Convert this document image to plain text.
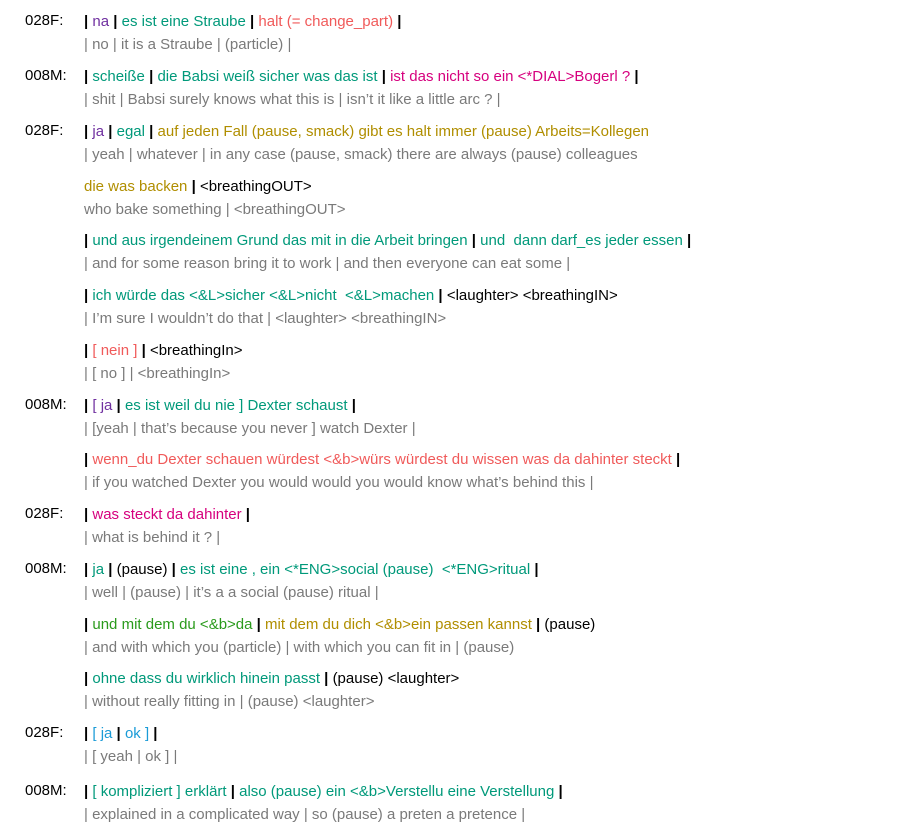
028F: | na | es ist eine Straube | halt (= change_part) |
| no | it is a Straube | (particle) |
008M: | scheiße | die Babsi weiß sicher was das ist | ist das nicht so ein <*DIAL>Bogerl ? |
| shit | Babsi surely knows what this is | isn’t it like a little arc ? |
028F: | ja | egal | auf jeden Fall (pause, smack) gibt es halt immer (pause) Arbeits=Kollegen
| yeah | whatever | in any case (pause, smack) there are always (pause) colleagues
die was backen | <breathingOUT>
who bake something | <breathingOUT>
| und aus irgendeinem Grund das mit in die Arbeit bringen | und  dann darf_es jeder essen |
| and for some reason bring it to work | and then everyone can eat some |
| ich würde das <&L>sicher <&L>nicht  <&L>machen | <laughter> <breathingIN>
| I’m sure I wouldn’t do that | <laughter> <breathingIN>
| [ nein ] | <breathingIn>
| [ no ] | <breathingIn>
008M: | [ ja | es ist weil du nie ] Dexter schaust |
| [yeah | that’s because you never ] watch Dexter |
| wenn_du Dexter schauen würdest <&b>würs würdest du wissen was da dahinter steckt |
| if you watched Dexter you would would you would know what’s behind this |
028F: | was steckt da dahinter |
| what is behind it ? |
008M: | ja | (pause) | es ist eine , ein <*ENG>social (pause)  <*ENG>ritual |
| well | (pause) | it’s a a social (pause) ritual |
| und mit dem du <&b>da | mit dem du dich <&b>ein passen kannst | (pause)
| and with which you (particle) | with which you can fit in | (pause)
| ohne dass du wirklich hinein passt | (pause) <laughter>
| without really fitting in | (pause) <laughter>
028F: | [ ja | ok ] |
| [ yeah | ok ] |
008M: | [ kompliziert ] erklärt | also (pause) ein <&b>Verstellu eine Verstellung |
| explained in a complicated way | so (pause) a preten a pretence |
